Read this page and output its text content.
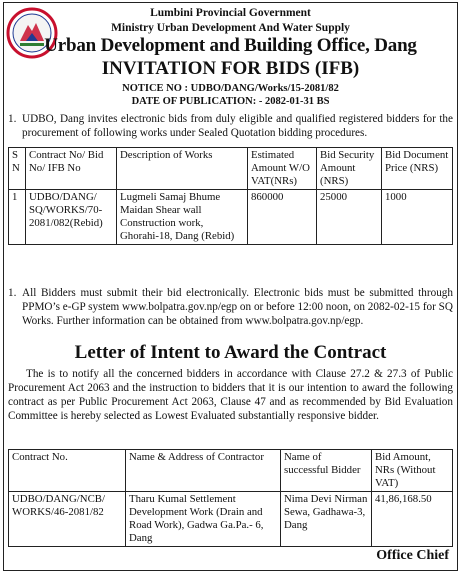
Lumbini Provincial Government
Ministry Urban Development And Water Supply
Urban Development and Building Office, Dang
INVITATION FOR BIDS (IFB)
NOTICE NO : UDBO/DANG/Works/15-2081/82
DATE OF PUBLICATION: - 2082-01-31 BS
1. UDBO, Dang invites electronic bids from duly eligible and qualified registered bidders for the procurement of following works under Sealed Quotation bidding procedures.
S N	Contract No/ Bid No/ IFB No	Description of Works	Estimated Amount W/O VAT(NRs)	Bid Security Amount (NRS)	Bid Document Price (NRS)
1	UDBO/DANG/ SQ/WORKS/70-2081/082(Rebid)	Lugmeli Samaj Bhume Maidan Shear wall Construction work, Ghorahi-18, Dang (Rebid)	860000	25000	1000
1. All Bidders must submit their bid electronically. Electronic bids must be submitted through PPMO’s e-GP system www.bolpatra.gov.np/egp on or before 12:00 noon, on 2082-02-15 for SQ Works. Further information can be obtained from www.bolpatra.gov.np/egp.
Letter of Intent to Award the Contract
The is to notify all the concerned bidders in accordance with Clause 27.2 & 27.3 of Public Procurement Act 2063 and the instruction to bidders that it is our intention to award the following contract as per Public Procurement Act 2063, Clause 47 and as recommended by Bid Evaluation Committee is hereby selected as Lowest Evaluated substantially responsive bidder.
Contract No.	Name & Address of Contractor	Name of successful Bidder	Bid Amount, NRs (Without VAT)
UDBO/DANG/NCB/ WORKS/46-2081/82	Tharu Kumal Settlement Development Work (Drain and Road Work), Gadwa Ga.Pa.- 6, Dang	Nima Devi Nirman Sewa, Gadhawa-3, Dang	41,86,168.50
Office Chief
